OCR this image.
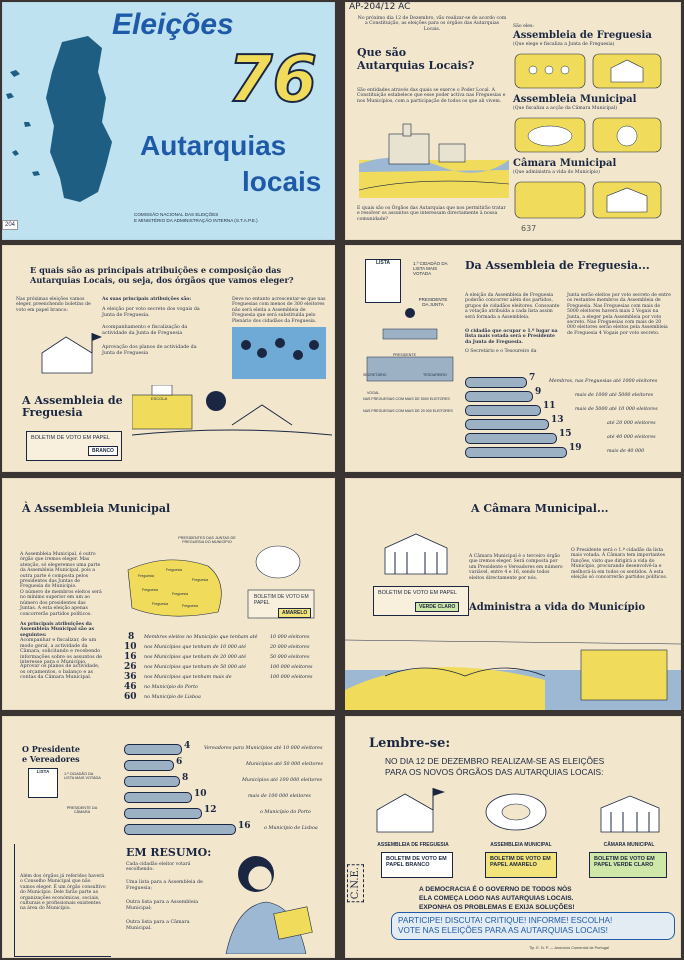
Eleições
76
Autarquias
locais
COMISSÃO NACIONAL DAS ELEIÇÕES
E MINISTÉRIO DA ADMINISTRAÇÃO INTERNA (S.T.A.P.E.)
204
AP-204/12 AC
No próximo dia 12 de Dezembro, vão realizar-se de acordo com a Constituição, as eleições para os órgãos das Autarquias Locais.
Que são Autarquias Locais?
São entidades através das quais se exerce o Poder Local. A Constituição estabelece que esse poder activa nas Freguesias e nos Municípios, com a participação de todos os que ali vivem.
E quais são os Órgãos das Autarquias que nos permitirão tratar e resolver os assuntos que interessam directamente à nossa comunidade?
São eles:
Assembleia de Freguesia
(Que elege e fiscaliza a Junta de Freguesia)
Assembleia Municipal
(Que fiscaliza a acção da Câmara Municipal)
Câmara Municipal
(Que administra a vida do Município)
637
E quais são as principais atribuições e composição das Autarquias Locais, ou seja, dos órgãos que vamos eleger?
Nas próximas eleições vamos eleger, preenchendo boletins de voto em papel branco:
As suas principais atribuições são:
A eleição por voto secreto dos vogais da Junta de Freguesia.
Acompanhamento e fiscalização da actividade da Junta de Freguesia
Aprovação dos planos de actividade da Junta de Freguesia
Deve no entanto acrescentar-se que nas Freguesias com menos de 300 eleitores não será eleita a Assembleia de Freguesia que será substituída pelo Plenário dos cidadãos da Freguesia.
A Assembleia de Freguesia
ESCOLA
BOLETIM DE VOTO EM PAPEL
BRANCO
LISTA	1.º CIDADÃO DA LISTA MAIS VOTADA
PRESIDENTE DA JUNTA
Da Assembleia de Freguesia...
A eleição da Assembleia de Freguesia poderão concorrer além dos partidos, grupos de cidadãos eleitores. Consoante a votação atribuída a cada lista assim será formada a Assembleia.
O cidadão que ocupar o 1.º lugar na lista mais votada será o Presidente da Junta de Freguesia.
O Secretário e o Tesoureiro da
Junta serão eleitos por voto secreto de entre os restantes membros da Assembleia de Freguesia. Nas Freguesias com mais de 5000 eleitores haverá mais 2 Vogais na Junta, a eleger pela Assembleia por voto secreto. Nas Freguesias com mais de 20 000 eleitores serão eleitos pela Assembleia de Freguesia 4 Vogais por voto secreto.
PRESIDENTE
SECRETÁRIO	TESOUREIRO
VOGAL
NAS FREGUESIAS COM MAIS DE 5000 ELEITORES
NAS FREGUESIAS COM MAIS DE 20 000 ELEITORES
7	Membros, nas Freguesias até 1000 eleitores
9	mais de 1000 até 5000 eleitores
11	mais de 5000 até 10 000 eleitores
13	até 20 000 eleitores
15	até 40 000 eleitores
19	mais de 40 000
À Assembleia Municipal
A Assembleia Municipal, é outro órgão que iremos eleger. Mas atenção, só elegeremos uma parte da Assembleia Municipal, pois a outra parte é composta pelos presidentes das Juntas de Freguesia do Município.
O número de membros eleitos será no mínimo superior em um ao número dos presidentes das Juntas. A esta eleição apenas concorrerão partidos políticos.
PRESIDENTES DAS JUNTAS DE FREGUESIA DO MUNICÍPIO
Freguesia
Freguesia
Freguesia
Freguesia
Freguesia
Freguesia	Freguesia
BOLETIM DE VOTO EM PAPEL
AMARELO
As principais atribuições da Assembleia Municipal são as seguintes:
Acompanhar e fiscalizar, de um modo geral, a actividade da Câmara, solicitando e recebendo informações sobre os assuntos de interesse para o Município.
Aprovar os planos de actividade, os orçamentos, o balanço e as contas da Câmara Municipal.
8 Membros eleitos no Município que tenham até	10 000 eleitores
10 nos Municípios que tenham de 10 000 até	20 000 eleitores
16 nos Municípios que tenham de 20 000 até	50 000 eleitores
26 nos Municípios que tenham de 50 000 até	100 000 eleitores
36 nos Municípios que tenham mais de	100 000 eleitores
46 no Município do Porto
60 no Município de Lisboa
A Câmara Municipal...
A Câmara Municipal é o terceiro órgão que iremos eleger. Será composta por um Presidente e Vereadores em número variável, entre 4 e 16, sendo todos eleitos directamente por nós.
O Presidente será o 1.º cidadão da lista mais votada. À Câmara tem importantes funções, visto que dirigirá a vida do Município, procurando desenvolvê-la e melhorá-la em todos os sentidos. A esta eleição só concorrerão partidos políticos.
BOLETIM DE VOTO EM PAPEL
VERDE CLARO	Administra a vida do Município
O Presidente e Vereadores
LISTA	1.º CIDADÃO DA LISTA MAIS VOTADA
PRESIDENTE DA CÂMARA
4	Vereadores para Municípios até 10 000 eleitores
6	Municípios até 50 000 eleitores
8	Municípios até 100 000 eleitores
10	mais de 100 000 eleitores
12	o Município do Porto
16	o Município de Lisboa
Além dos órgãos já referidos haverá o Conselho Municipal que não vamos eleger. É um órgão consultivo do Município. Dele farão parte as organizações económicas, sociais, culturais e profissionais existentes na área do Município.
EM RESUMO:
Cada cidadão eleitor votará escolhendo:
Uma lista para a Assembleia de Freguesia;
Outra lista para a Assembleia Municipal;
Outra lista para a Câmara Municipal.
Lembre-se:
NO DIA 12 DE DEZEMBRO REALIZAM-SE AS ELEIÇÕES
PARA OS NOVOS ÓRGÃOS DAS AUTARQUIAS LOCAIS:
ASSEMBLEIA DE FREGUESIA	ASSEMBLEIA MUNICIPAL	CÂMARA MUNICIPAL
BOLETIM DE VOTO EM PAPEL BRANCO
BOLETIM DE VOTO EM PAPEL AMARELO
BOLETIM DE VOTO EM PAPEL VERDE CLARO
C.N.E.	A DEMOCRACIA É O GOVERNO DE TODOS NÓS
ELA COMEÇA LOGO NAS AUTARQUIAS LOCAIS.
EXPONHA OS PROBLEMAS E EXIJA SOLUÇÕES!
PARTICIPE! DISCUTA! CRITIQUE! INFORME! ESCOLHA!
VOTE NAS ELEIÇÕES PARA AS AUTARQUIAS LOCAIS!
Tip. E. N. P. — Anúncios Comercial de Portugal
